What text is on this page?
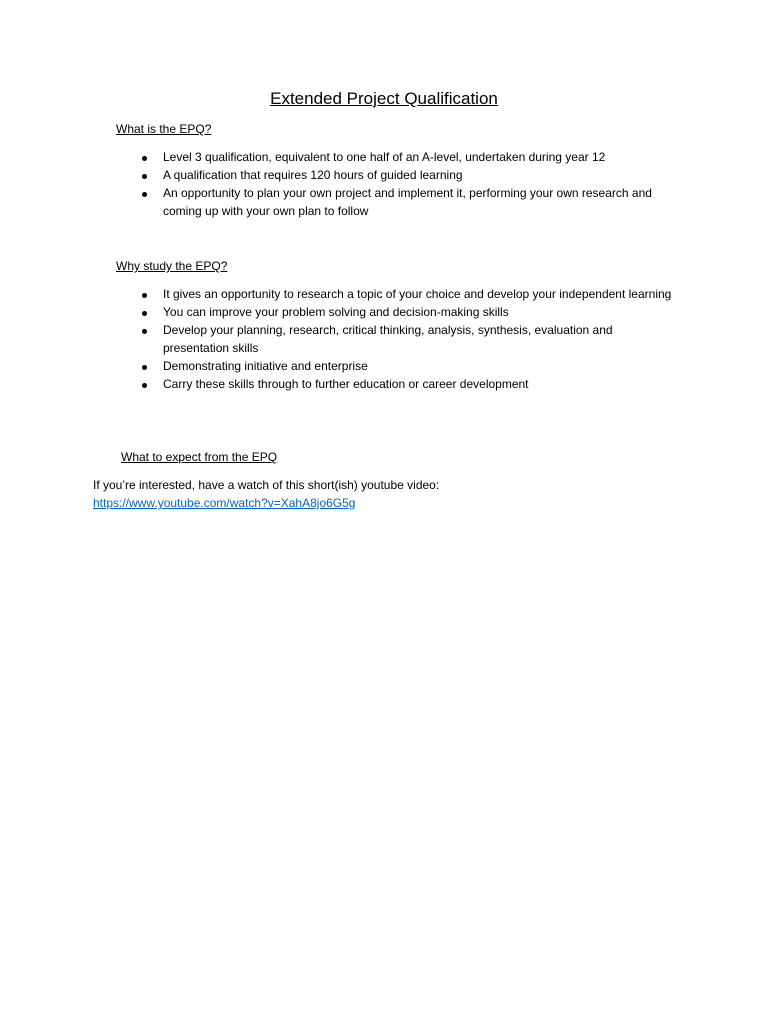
Extended Project Qualification
What is the EPQ?
Level 3 qualification, equivalent to one half of an A-level, undertaken during year 12
A qualification that requires 120 hours of guided learning
An opportunity to plan your own project and implement it, performing your own research and coming up with your own plan to follow
Why study the EPQ?
It gives an opportunity to research a topic of your choice and develop your independent learning
You can improve your problem solving and decision-making skills
Develop your planning, research, critical thinking, analysis, synthesis, evaluation and presentation skills
Demonstrating initiative and enterprise
Carry these skills through to further education or career development
What to expect from the EPQ
If you’re interested, have a watch of this short(ish) youtube video:
https://www.youtube.com/watch?v=XahA8jo6G5g
